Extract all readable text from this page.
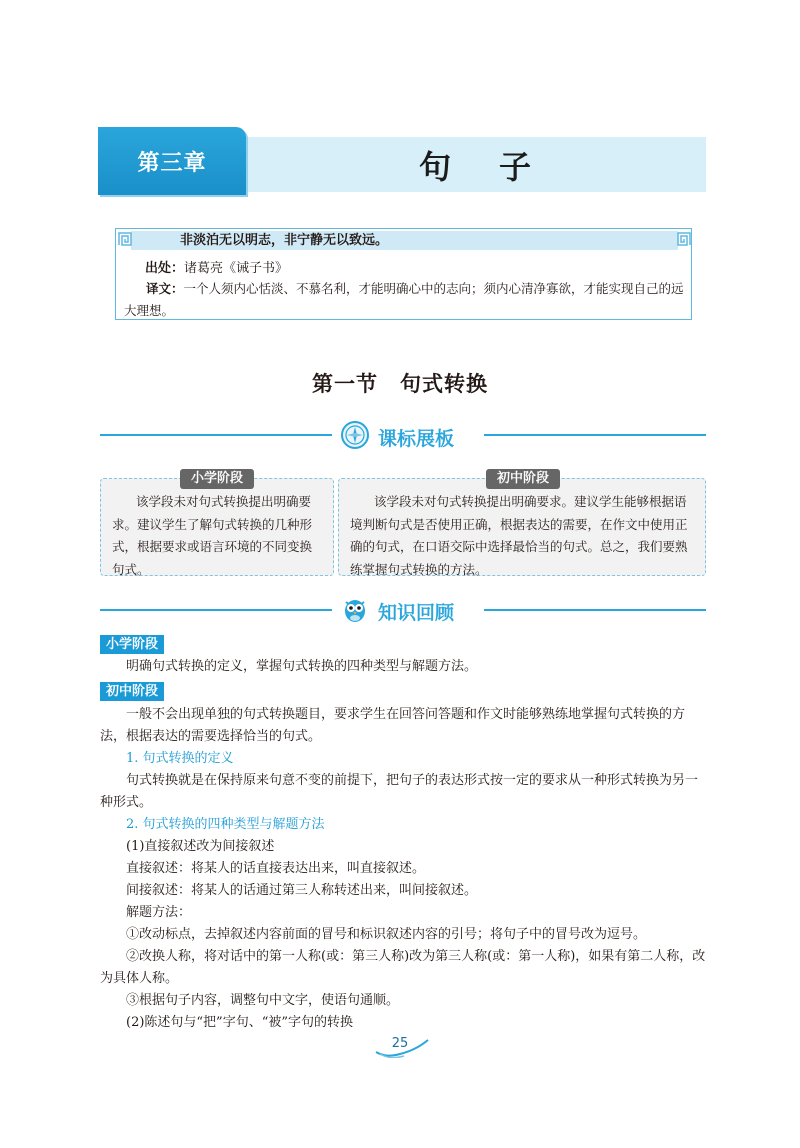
第三章	句子
非淡泊无以明志，非宁静无以致远。
出处：诸葛亮《诫子书》
译文：一个人须内心恬淡、不慕名利，才能明确心中的志向；须内心清净寡欲，才能实现自己的远大理想。
第一节　句式转换
课标展板
小学阶段
该学段未对句式转换提出明确要求。建议学生了解句式转换的几种形式，根据要求或语言环境的不同变换句式。
初中阶段
该学段未对句式转换提出明确要求。建议学生能够根据语境判断句式是否使用正确，根据表达的需要，在作文中使用正确的句式，在口语交际中选择最恰当的句式。总之，我们要熟练掌握句式转换的方法。
知识回顾
小学阶段
明确句式转换的定义，掌握句式转换的四种类型与解题方法。
初中阶段
一般不会出现单独的句式转换题目，要求学生在回答问答题和作文时能够熟练地掌握句式转换的方法，根据表达的需要选择恰当的句式。
1. 句式转换的定义
句式转换就是在保持原来句意不变的前提下，把句子的表达形式按一定的要求从一种形式转换为另一种形式。
2. 句式转换的四种类型与解题方法
(1)直接叙述改为间接叙述
直接叙述：将某人的话直接表达出来，叫直接叙述。
间接叙述：将某人的话通过第三人称转述出来，叫间接叙述。
解题方法：
①改动标点，去掉叙述内容前面的冒号和标识叙述内容的引号；将句子中的冒号改为逗号。
②改换人称，将对话中的第一人称(或：第三人称)改为第三人称(或：第一人称)，如果有第二人称，改为具体人称。
③根据句子内容，调整句中文字，使语句通顺。
(2)陈述句与“把”字句、“被”字句的转换
25
